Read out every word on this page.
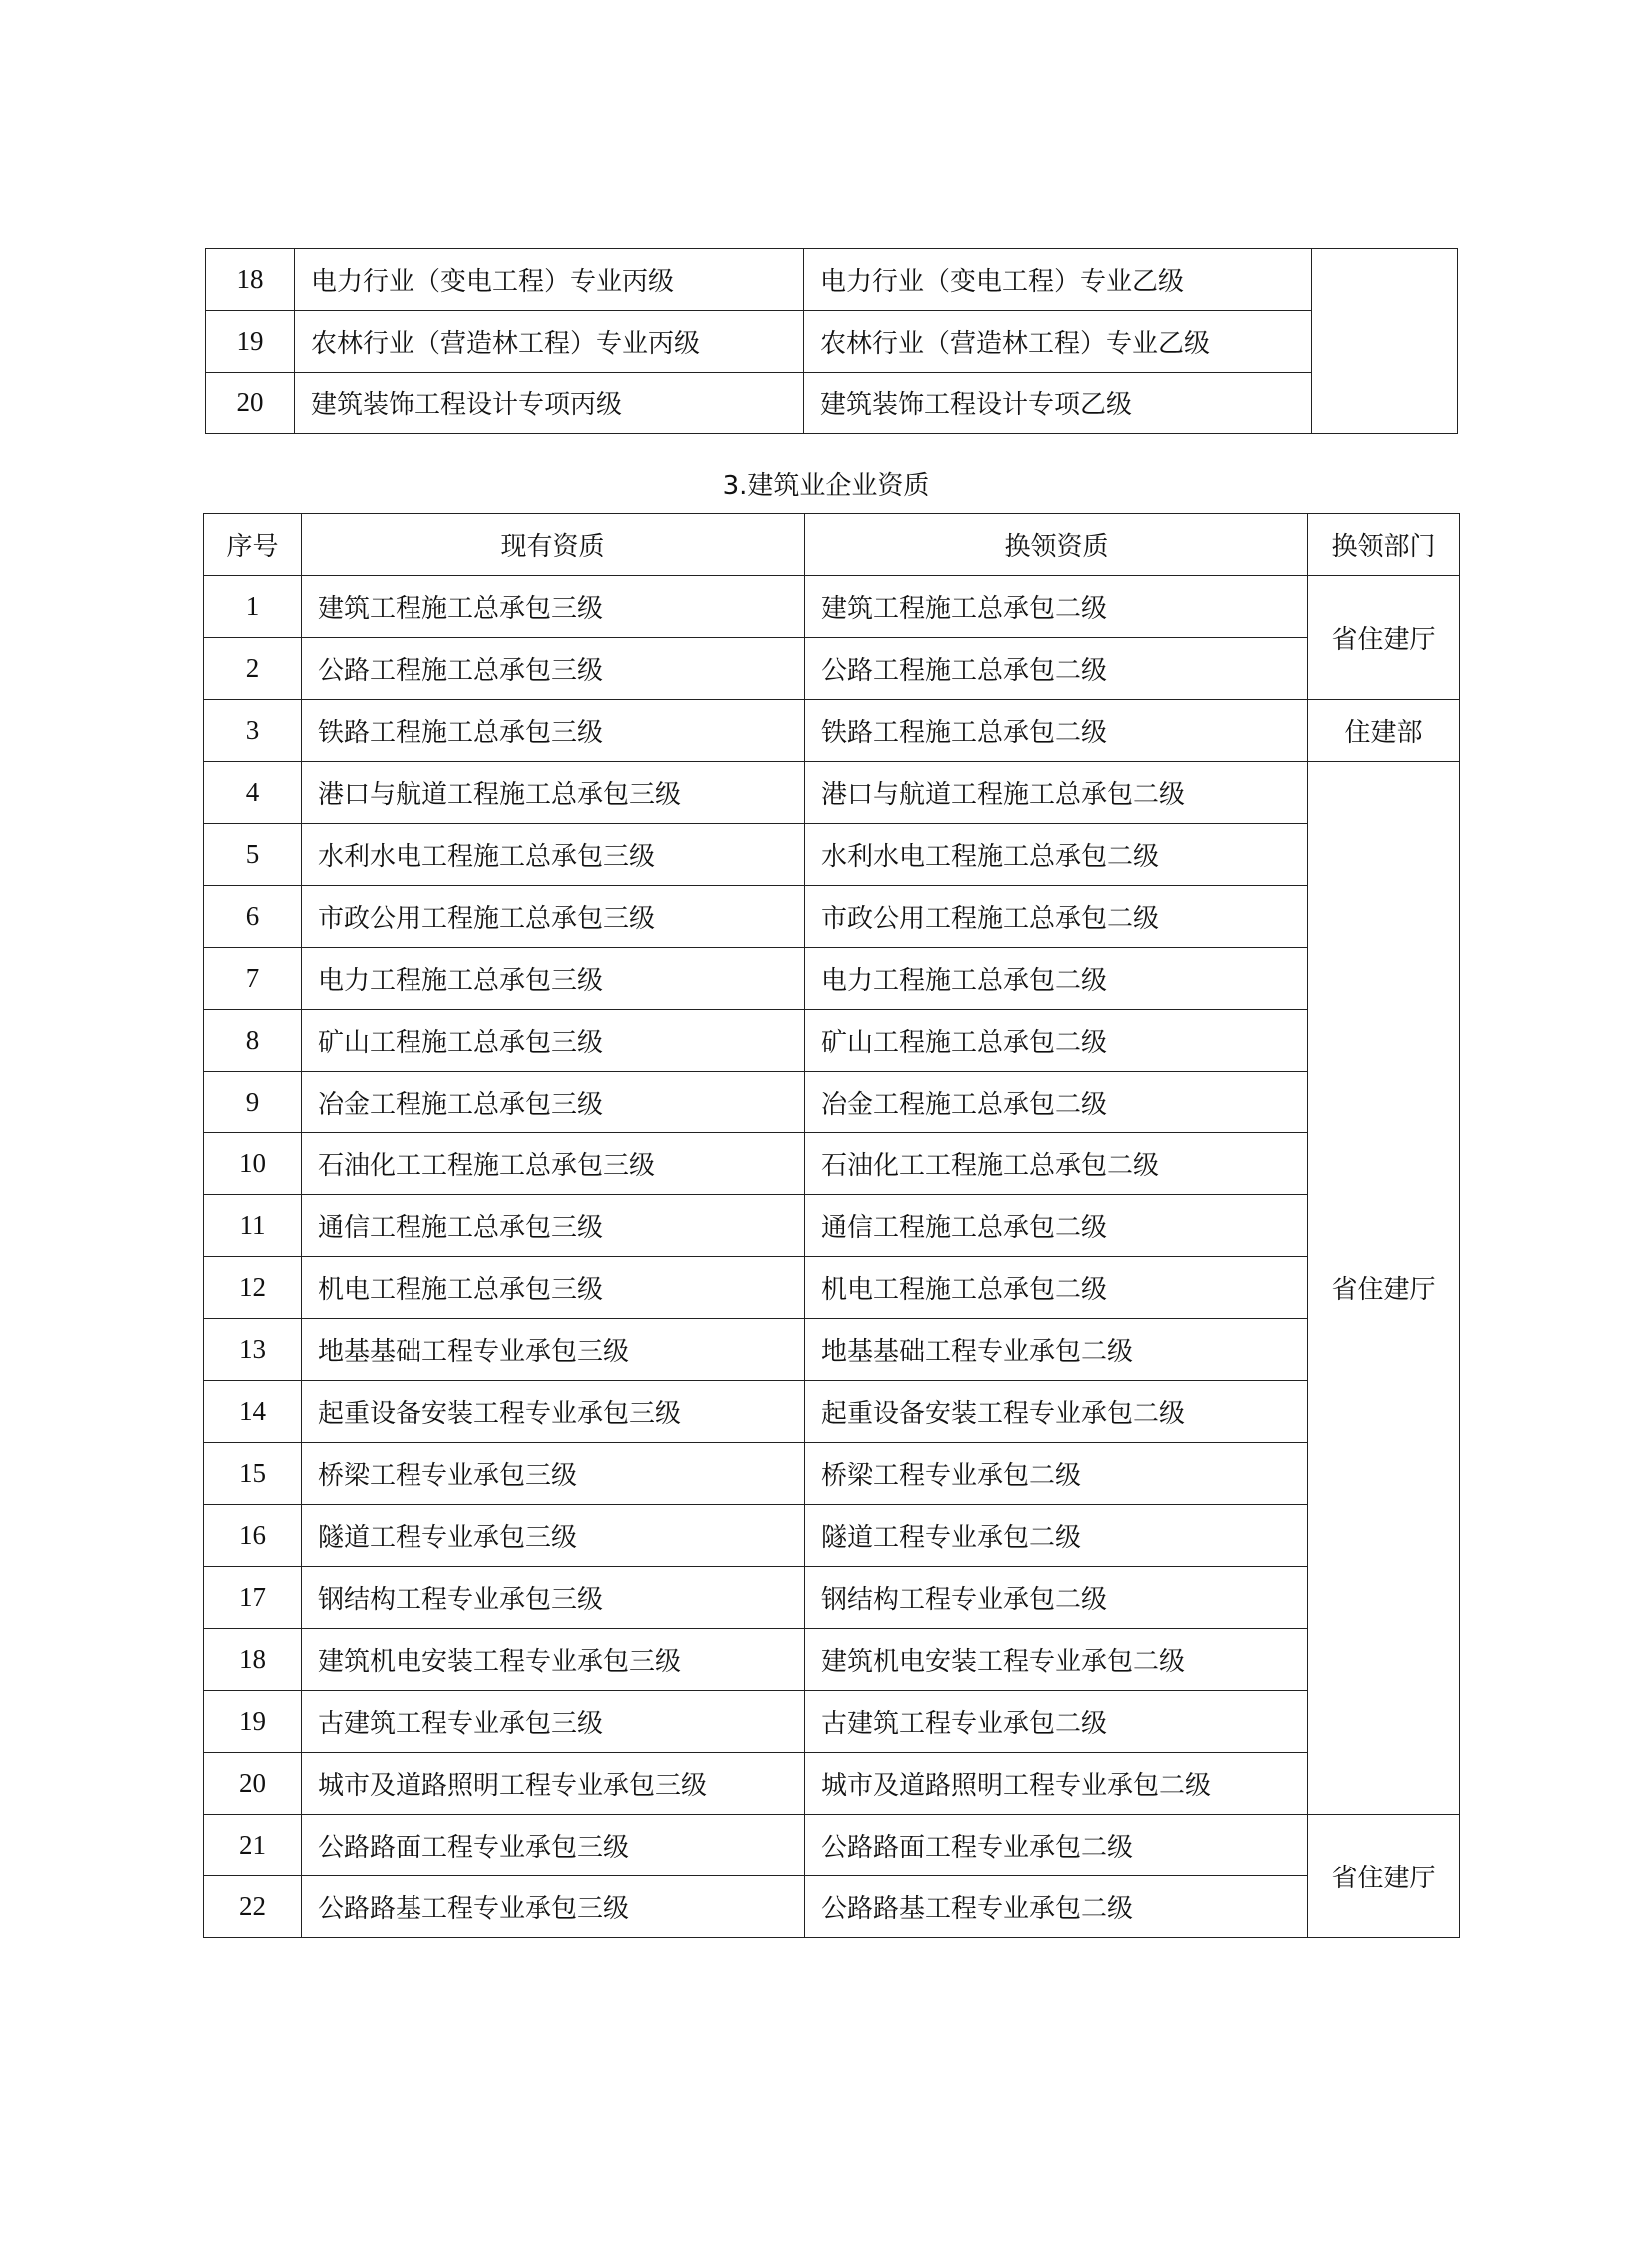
18	电力行业（变电工程）专业丙级	电力行业（变电工程）专业乙级	
19	农林行业（营造林工程）专业丙级	农林行业（营造林工程）专业乙级	
20	建筑装饰工程设计专项丙级	建筑装饰工程设计专项乙级	
3.建筑业企业资质
序号	现有资质	换领资质	换领部门
1	建筑工程施工总承包三级	建筑工程施工总承包二级	省住建厅
2	公路工程施工总承包三级	公路工程施工总承包二级	
3	铁路工程施工总承包三级	铁路工程施工总承包二级	住建部
4	港口与航道工程施工总承包三级	港口与航道工程施工总承包二级	省住建厅
5	水利水电工程施工总承包三级	水利水电工程施工总承包二级	
6	市政公用工程施工总承包三级	市政公用工程施工总承包二级	
7	电力工程施工总承包三级	电力工程施工总承包二级	
8	矿山工程施工总承包三级	矿山工程施工总承包二级	
9	冶金工程施工总承包三级	冶金工程施工总承包二级	
10	石油化工工程施工总承包三级	石油化工工程施工总承包二级	
11	通信工程施工总承包三级	通信工程施工总承包二级	
12	机电工程施工总承包三级	机电工程施工总承包二级	
13	地基基础工程专业承包三级	地基基础工程专业承包二级	
14	起重设备安装工程专业承包三级	起重设备安装工程专业承包二级	
15	桥梁工程专业承包三级	桥梁工程专业承包二级	
16	隧道工程专业承包三级	隧道工程专业承包二级	
17	钢结构工程专业承包三级	钢结构工程专业承包二级	
18	建筑机电安装工程专业承包三级	建筑机电安装工程专业承包二级	
19	古建筑工程专业承包三级	古建筑工程专业承包二级	
20	城市及道路照明工程专业承包三级	城市及道路照明工程专业承包二级	
21	公路路面工程专业承包三级	公路路面工程专业承包二级	省住建厅
22	公路路基工程专业承包三级	公路路基工程专业承包二级	
